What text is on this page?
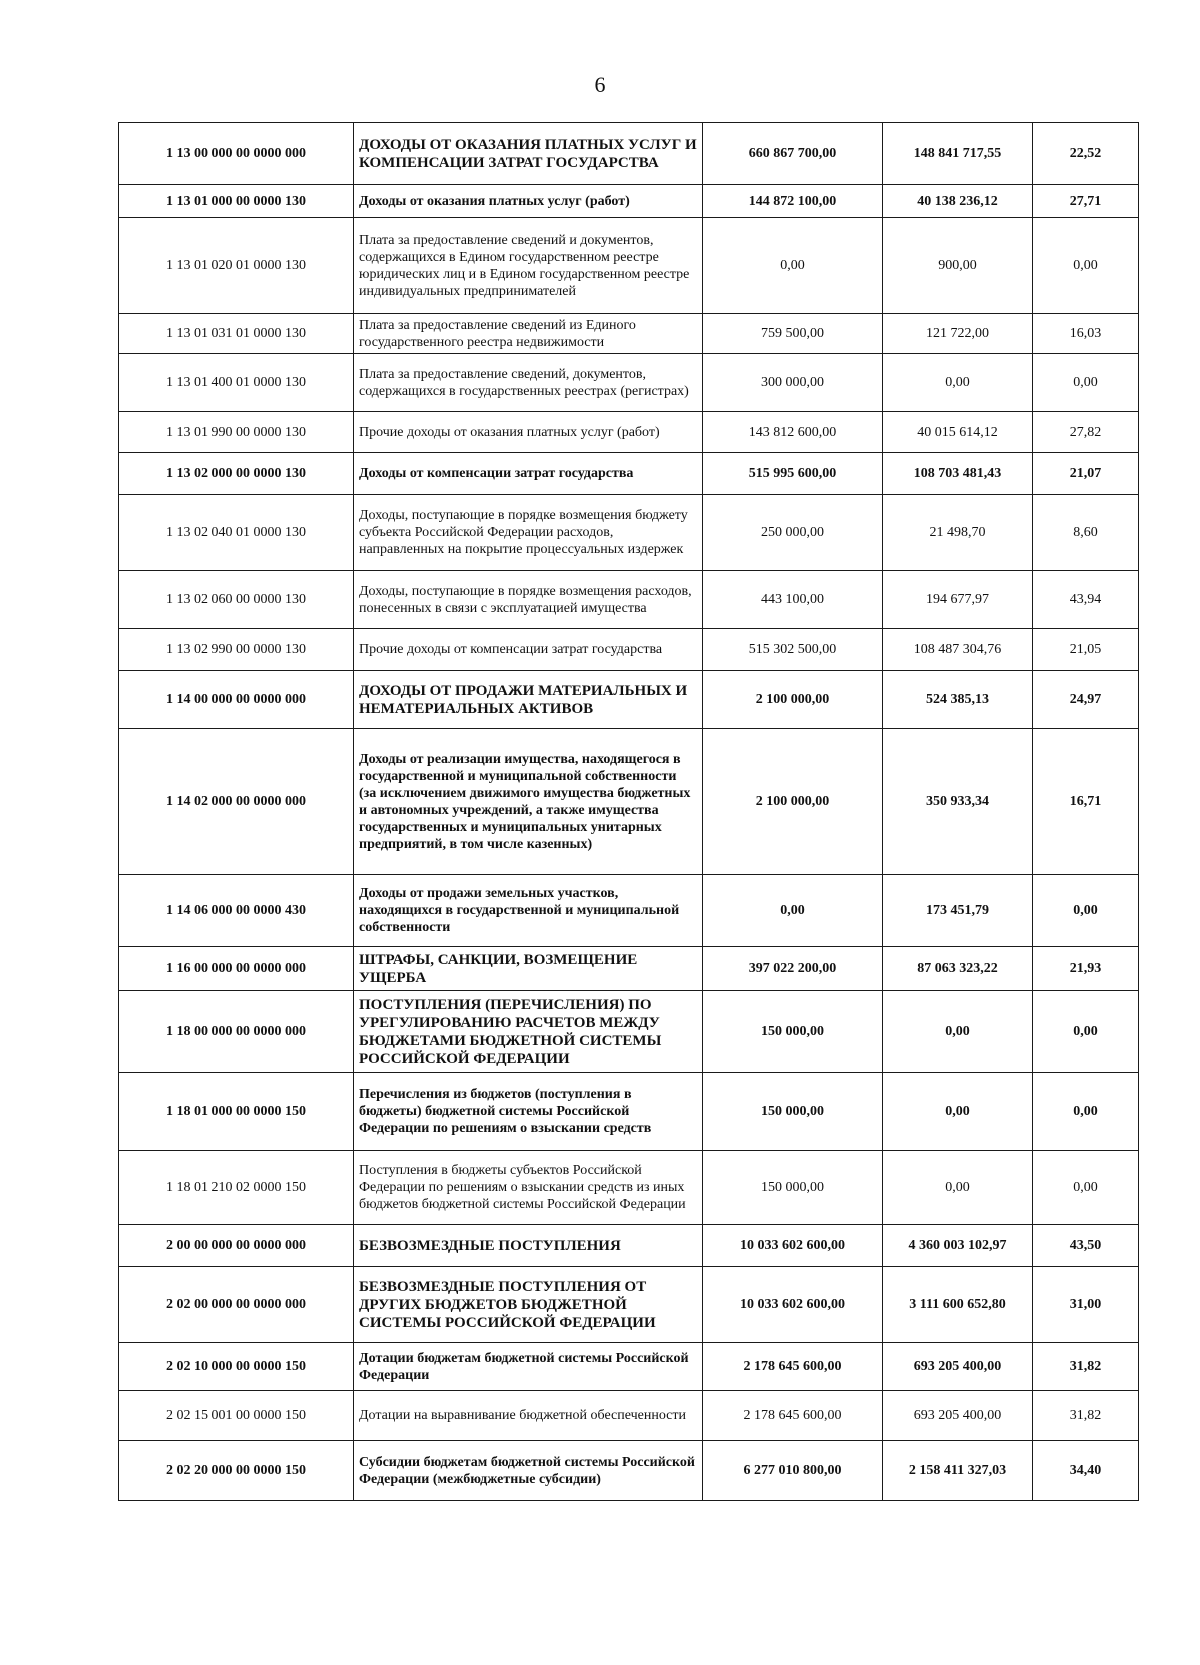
6
1 13 00 000 00 0000 000	ДОХОДЫ ОТ ОКАЗАНИЯ ПЛАТНЫХ УСЛУГ И КОМПЕНСАЦИИ ЗАТРАТ ГОСУДАРСТВА	660 867 700,00	148 841 717,55	22,52
1 13 01 000 00 0000 130	Доходы от оказания платных услуг (работ)	144 872 100,00	40 138 236,12	27,71
1 13 01 020 01 0000 130	Плата за предоставление сведений и документов, содержащихся в Едином государственном реестре юридических лиц и в Едином государственном реестре индивидуальных предпринимателей	0,00	900,00	0,00
1 13 01 031 01 0000 130	Плата за предоставление сведений из Единого государственного реестра недвижимости	759 500,00	121 722,00	16,03
1 13 01 400 01 0000 130	Плата за предоставление сведений, документов, содержащихся в государственных реестрах (регистрах)	300 000,00	0,00	0,00
1 13 01 990 00 0000 130	Прочие доходы от оказания платных услуг (работ)	143 812 600,00	40 015 614,12	27,82
1 13 02 000 00 0000 130	Доходы от компенсации затрат государства	515 995 600,00	108 703 481,43	21,07
1 13 02 040 01 0000 130	Доходы, поступающие в порядке возмещения бюджету субъекта Российской Федерации расходов, направленных на покрытие процессуальных издержек	250 000,00	21 498,70	8,60
1 13 02 060 00 0000 130	Доходы, поступающие в порядке возмещения расходов, понесенных в связи с эксплуатацией имущества	443 100,00	194 677,97	43,94
1 13 02 990 00 0000 130	Прочие доходы от компенсации затрат государства	515 302 500,00	108 487 304,76	21,05
1 14 00 000 00 0000 000	ДОХОДЫ ОТ ПРОДАЖИ МАТЕРИАЛЬНЫХ И НЕМАТЕРИАЛЬНЫХ АКТИВОВ	2 100 000,00	524 385,13	24,97
1 14 02 000 00 0000 000	Доходы от реализации имущества, находящегося в государственной и муниципальной собственности (за исключением движимого имущества бюджетных и автономных учреждений, а также имущества государственных и муниципальных унитарных предприятий, в том числе казенных)	2 100 000,00	350 933,34	16,71
1 14 06 000 00 0000 430	Доходы от продажи земельных участков, находящихся в государственной и муниципальной собственности	0,00	173 451,79	0,00
1 16 00 000 00 0000 000	ШТРАФЫ, САНКЦИИ, ВОЗМЕЩЕНИЕ УЩЕРБА	397 022 200,00	87 063 323,22	21,93
1 18 00 000 00 0000 000	ПОСТУПЛЕНИЯ (ПЕРЕЧИСЛЕНИЯ) ПО УРЕГУЛИРОВАНИЮ РАСЧЕТОВ МЕЖДУ БЮДЖЕТАМИ БЮДЖЕТНОЙ СИСТЕМЫ РОССИЙСКОЙ ФЕДЕРАЦИИ	150 000,00	0,00	0,00
1 18 01 000 00 0000 150	Перечисления из бюджетов (поступления в бюджеты) бюджетной системы Российской Федерации по решениям о взыскании средств	150 000,00	0,00	0,00
1 18 01 210 02 0000 150	Поступления в бюджеты субъектов Российской Федерации по решениям о взыскании средств из иных бюджетов бюджетной системы Российской Федерации	150 000,00	0,00	0,00
2 00 00 000 00 0000 000	БЕЗВОЗМЕЗДНЫЕ ПОСТУПЛЕНИЯ	10 033 602 600,00	4 360 003 102,97	43,50
2 02 00 000 00 0000 000	БЕЗВОЗМЕЗДНЫЕ ПОСТУПЛЕНИЯ ОТ ДРУГИХ БЮДЖЕТОВ БЮДЖЕТНОЙ СИСТЕМЫ РОССИЙСКОЙ ФЕДЕРАЦИИ	10 033 602 600,00	3 111 600 652,80	31,00
2 02 10 000 00 0000 150	Дотации бюджетам бюджетной системы Российской Федерации	2 178 645 600,00	693 205 400,00	31,82
2 02 15 001 00 0000 150	Дотации на выравнивание бюджетной обеспеченности	2 178 645 600,00	693 205 400,00	31,82
2 02 20 000 00 0000 150	Субсидии бюджетам бюджетной системы Российской Федерации (межбюджетные субсидии)	6 277 010 800,00	2 158 411 327,03	34,40
